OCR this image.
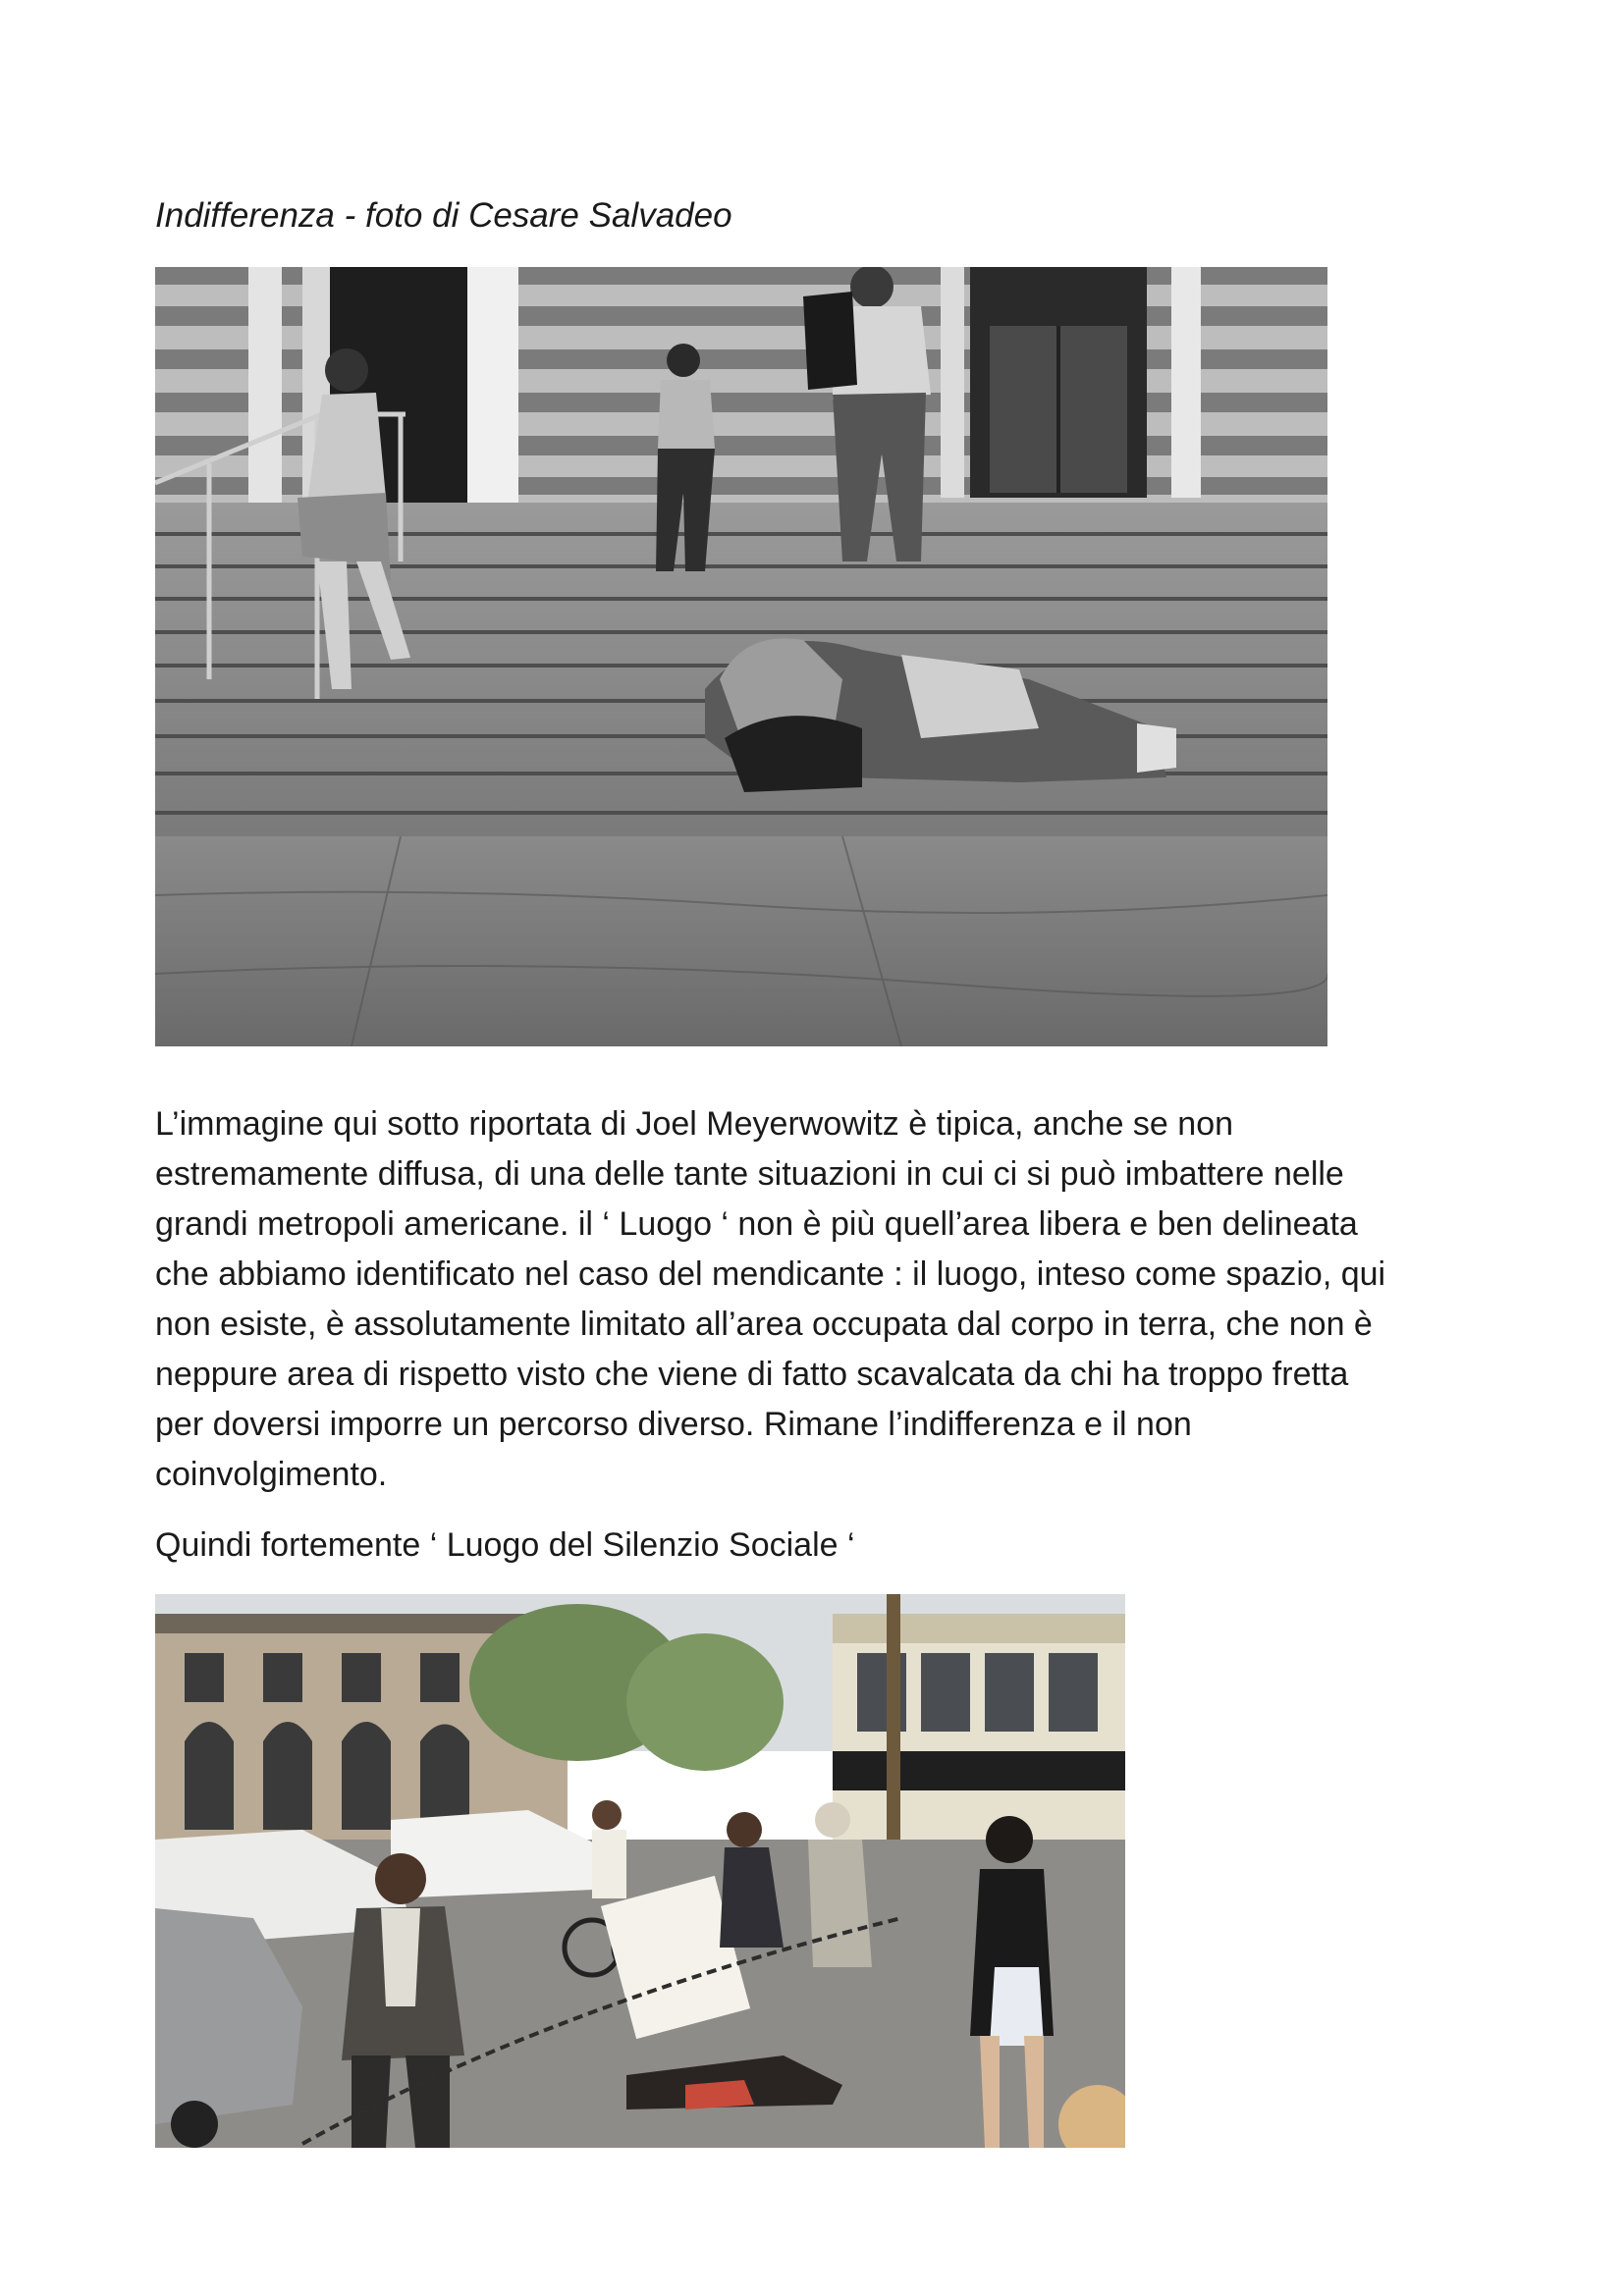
Indifferenza - foto di Cesare Salvadeo
L’immagine qui sotto riportata di Joel Meyerwowitz è tipica, anche se non
estremamente diffusa, di una delle tante situazioni in cui ci si può imbattere nelle
grandi metropoli americane. il ‘ Luogo ‘ non è più quell’area libera e ben delineata
che abbiamo identificato nel caso del mendicante : il luogo, inteso come spazio, qui
non esiste, è assolutamente limitato all’area occupata dal corpo in terra, che non è
neppure area di rispetto visto che viene di fatto scavalcata da chi ha troppo fretta
per doversi imporre un percorso diverso. Rimane l’indifferenza e il non
coinvolgimento.
Quindi fortemente ‘ Luogo del Silenzio Sociale ‘
